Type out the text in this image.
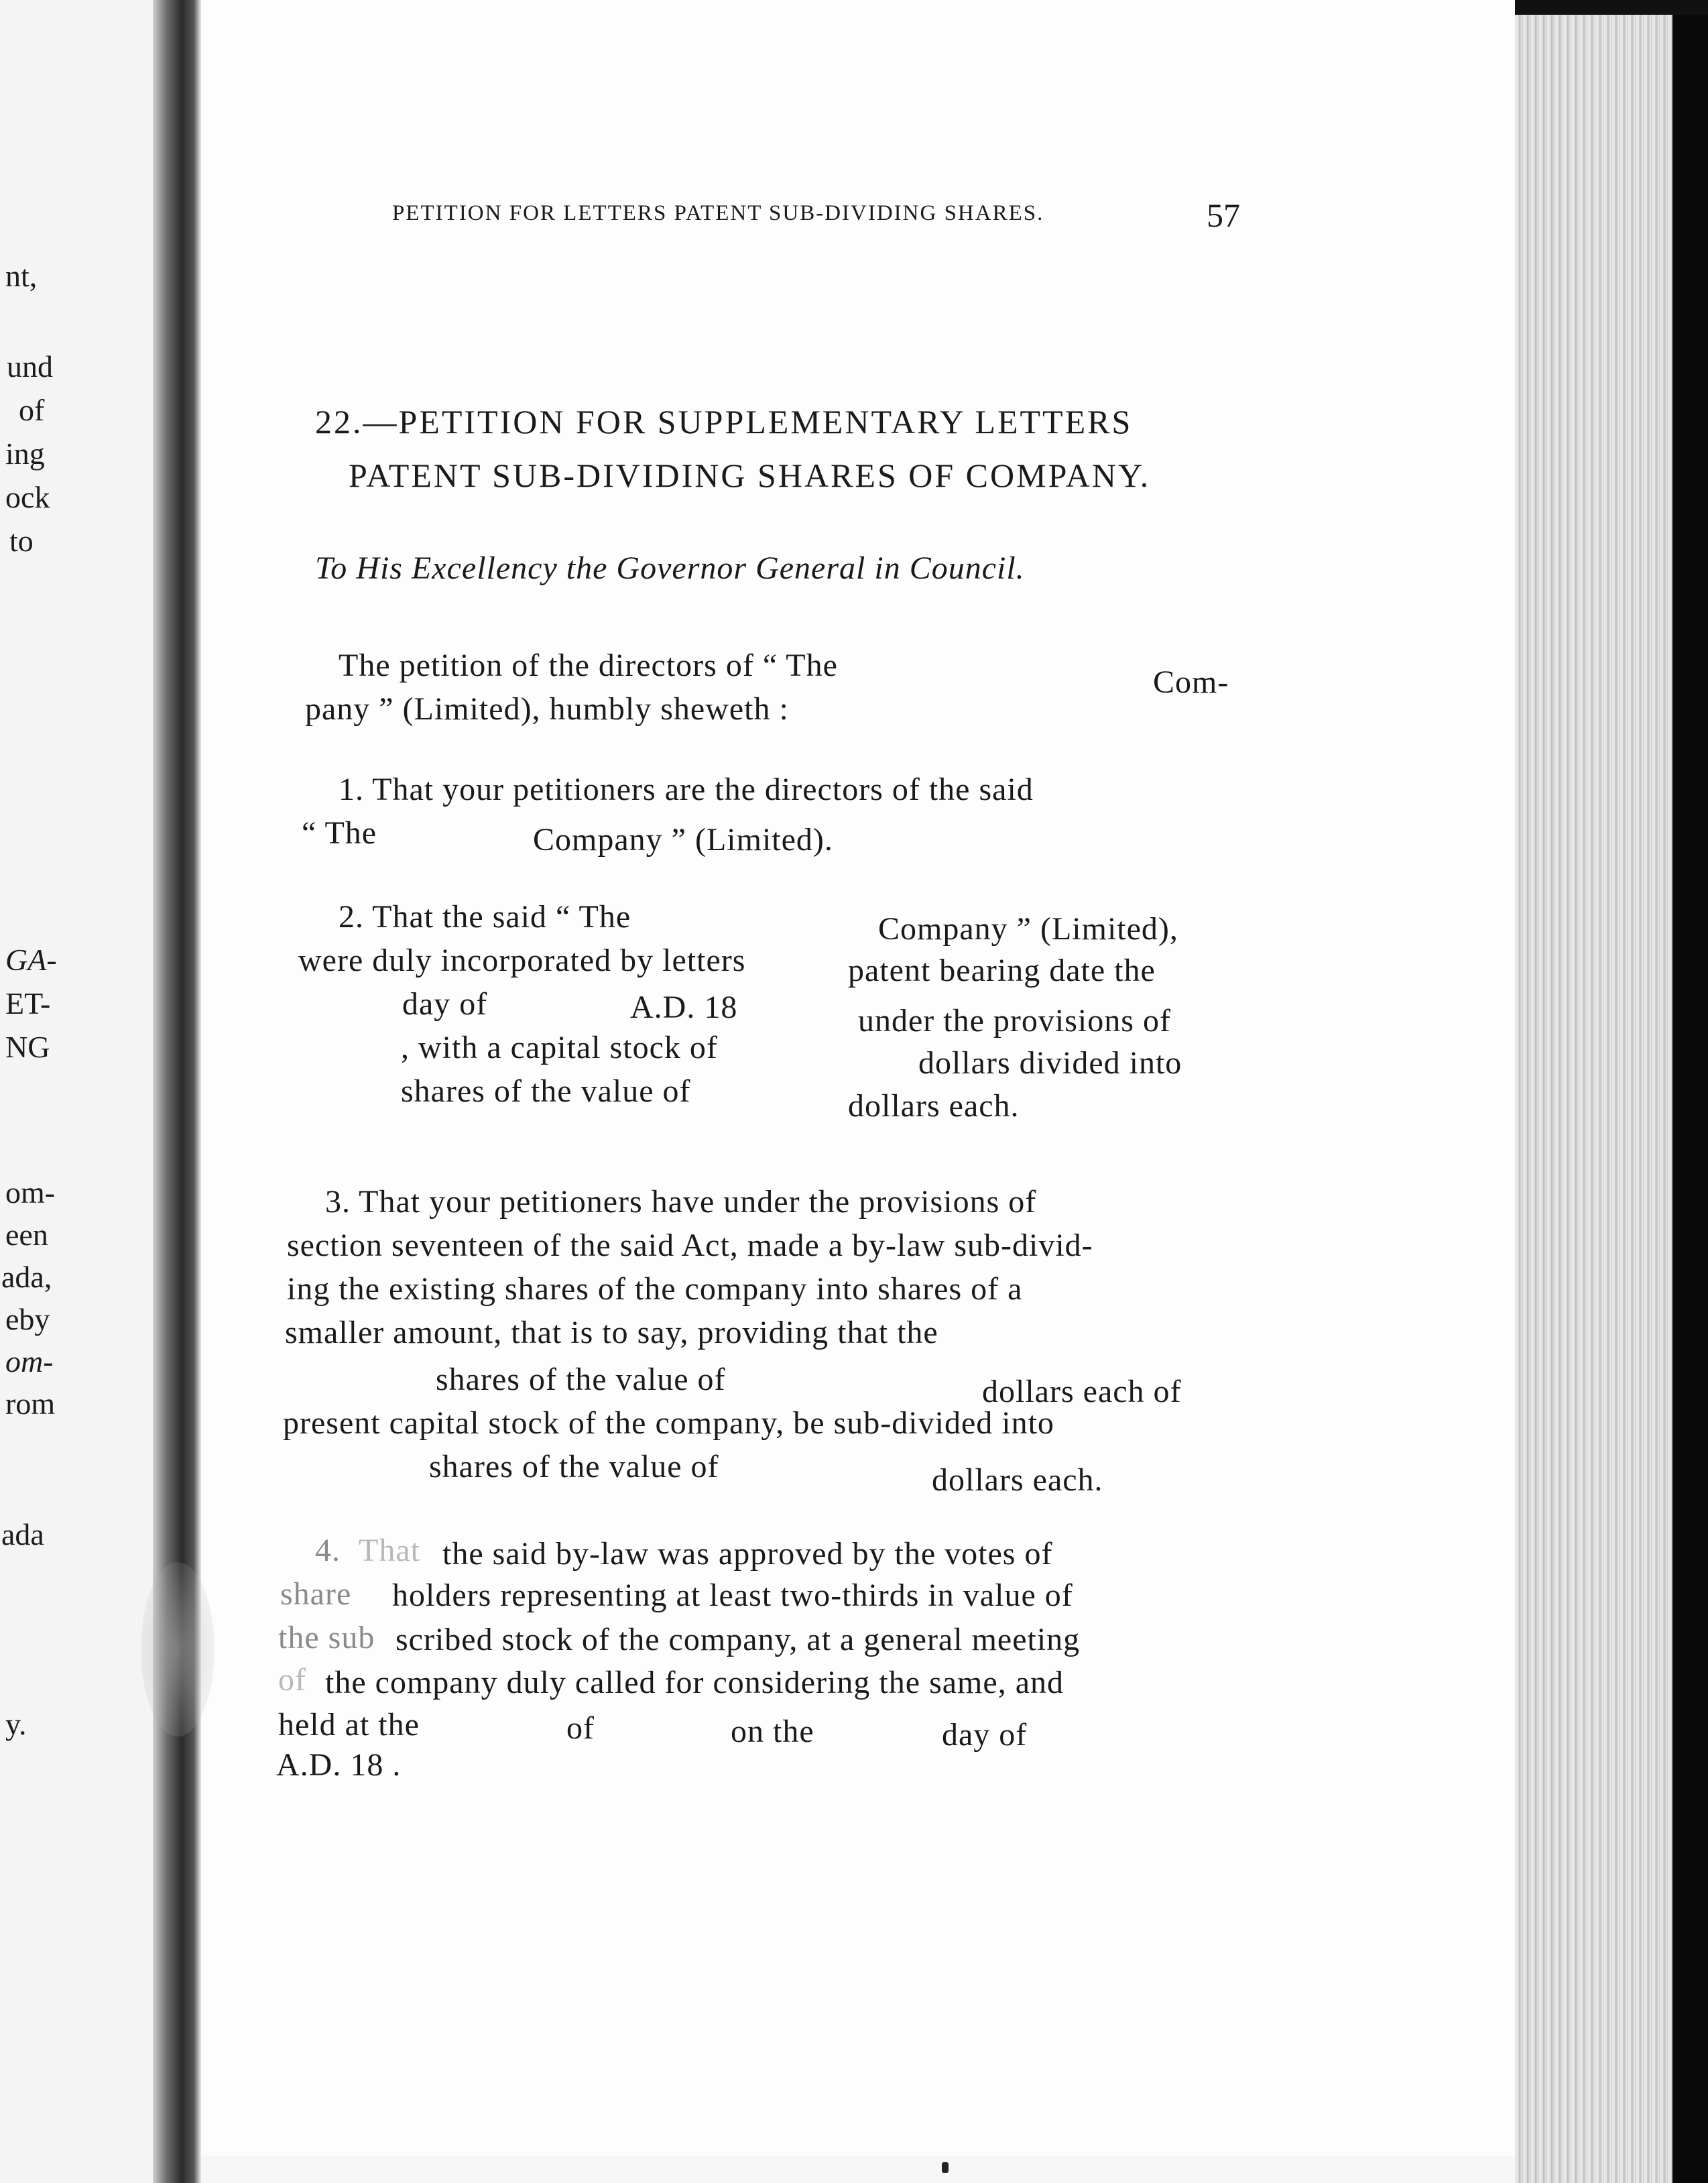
nt,
und
of
ing
ock
to
GA-
ET-
NG
om-
een
ada,
eby
om-
rom
ada
y.
PETITION FOR LETTERS PATENT SUB-DIVIDING SHARES.	57
22.—PETITION FOR SUPPLEMENTARY LETTERS
PATENT SUB-DIVIDING SHARES OF COMPANY.
To His Excellency the Governor General in Council.
The petition of the directors of “ The	Com-
pany ” (Limited), humbly sheweth :
1. That your petitioners are the directors of the said
“ The	Company ” (Limited).
2. That the said “ The	Company ” (Limited),
were duly incorporated by letters	patent bearing date the
day of	A.D. 18	under the provisions of
, with a capital stock of	dollars divided into
shares of the value of	dollars each.
3. That your petitioners have under the provisions of
section seventeen of the said Act, made a by-law sub-divid-
ing the existing shares of the company into shares of a
smaller amount, that is to say, providing that the
shares of the value of	dollars each of
present capital stock of the company, be sub-divided into
shares of the value of	dollars each.
4. That the said by-law was approved by the votes of
share holders representing at least two-thirds in value of
the sub scribed stock of the company, at a general meeting
of the company duly called for considering the same, and
held at the	of	on the	day of
A.D. 18 .
